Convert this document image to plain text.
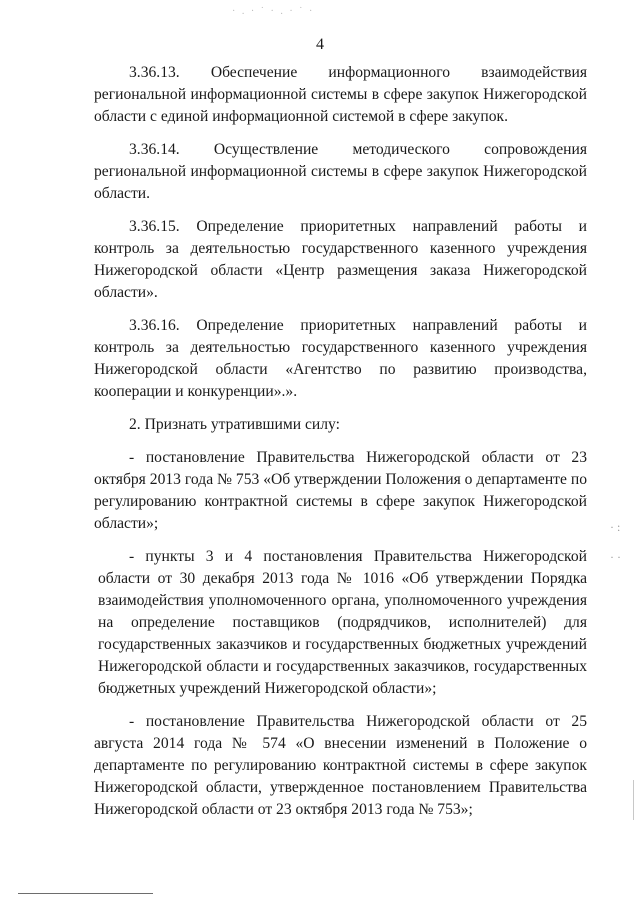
· . · ˙ · . · ˙ ·
4

3.36.13. Обеспечение информационного взаимодействия региональной информационной системы в сфере закупок Нижегородской области с единой информационной системой в сфере закупок.

3.36.14. Осуществление методического сопровождения региональной информационной системы в сфере закупок Нижегородской области.

3.36.15. Определение приоритетных направлений работы и контроль за деятельностью государственного казенного учреждения Нижегородской области «Центр размещения заказа Нижегородской области».

3.36.16. Определение приоритетных направлений работы и контроль за деятельностью государственного казенного учреждения Нижегородской области «Агентство по развитию производства, кооперации и конкуренции».».

2. Признать утратившими силу:

- постановление Правительства Нижегородской области от 23 октября 2013 года № 753 «Об утверждении Положения о департаменте по регулированию контрактной системы в сфере закупок Нижегородской области»;

- пункты 3 и 4 постановления Правительства Нижегородской области от 30 декабря 2013 года № 1016 «Об утверждении Порядка взаимодействия уполномоченного органа, уполномоченного учреждения на определение поставщиков (подрядчиков, исполнителей) для государственных заказчиков и государственных бюджетных учреждений Нижегородской области и государственных заказчиков, государственных бюджетных учреждений Нижегородской области»;

- постановление Правительства Нижегородской области от 25 августа 2014 года № 574 «О внесении изменений в Положение о департаменте по регулированию контрактной системы в сфере закупок Нижегородской области, утвержденное постановлением Правительства Нижегородской области от 23 октября 2013 года № 753»;

· :

· ·
